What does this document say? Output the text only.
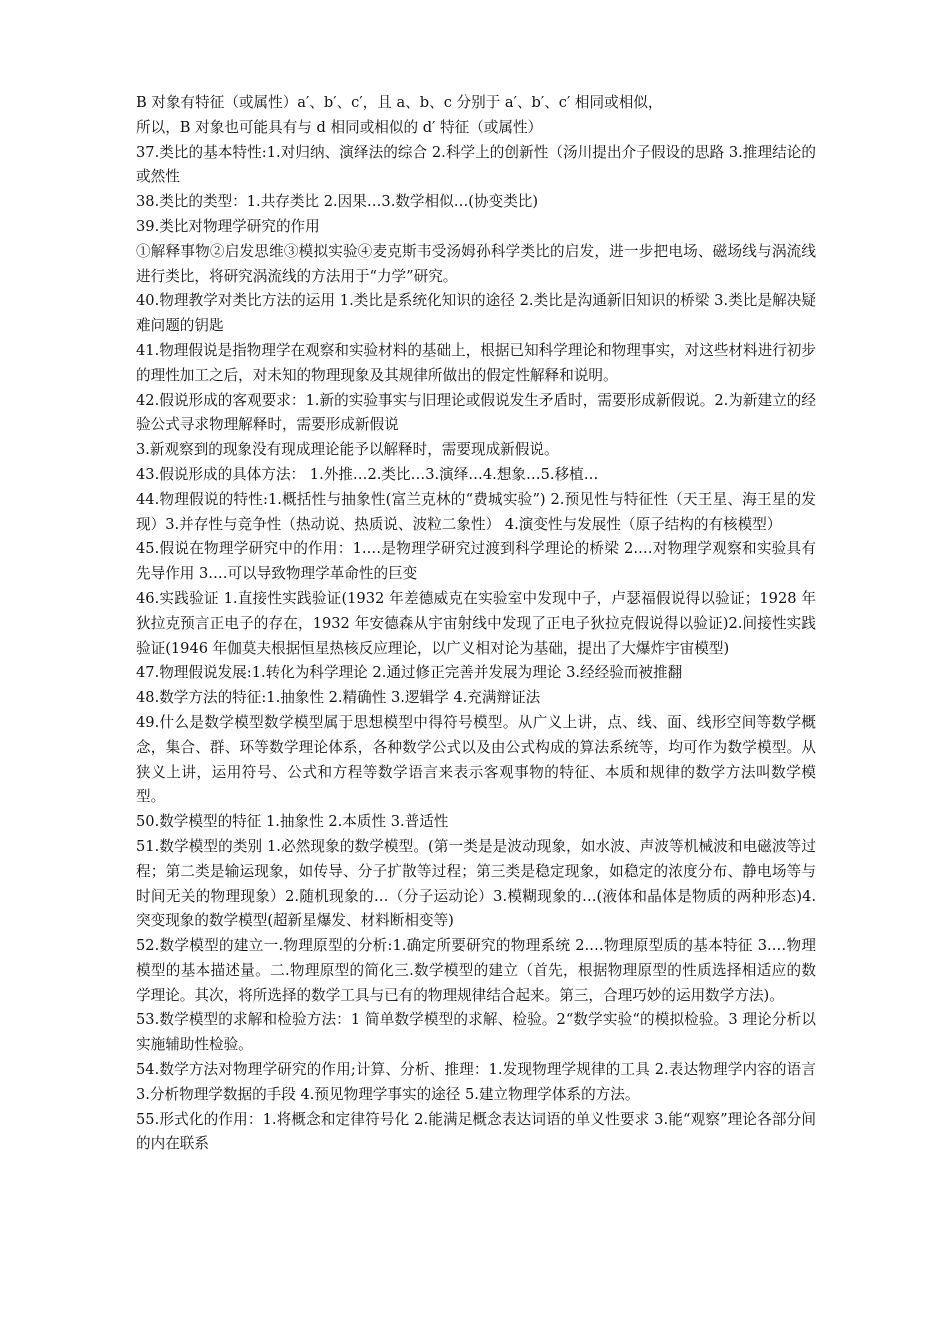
B 对象有特征（或属性）a′、b′、c′，且 a、b、c 分别于 a′、b′、c′ 相同或相似，

所以，B 对象也可能具有与 d 相同或相似的 d′ 特征（或属性）

37.类比的基本特性:1.对归纳、演绎法的综合 2.科学上的创新性（汤川提出介子假设的思路 3.推理结论的或然性

38.类比的类型：1.共存类比 2.因果…3.数学相似…(协变类比)

39.类比对物理学研究的作用

①解释事物②启发思维③模拟实验④麦克斯韦受汤姆孙科学类比的启发，进一步把电场、磁场线与涡流线进行类比，将研究涡流线的方法用于“力学”研究。

40.物理教学对类比方法的运用 1.类比是系统化知识的途径 2.类比是沟通新旧知识的桥梁 3.类比是解决疑难问题的钥匙

41.物理假说是指物理学在观察和实验材料的基础上，根据已知科学理论和物理事实，对这些材料进行初步的理性加工之后，对未知的物理现象及其规律所做出的假定性解释和说明。

42.假说形成的客观要求：1.新的实验事实与旧理论或假说发生矛盾时，需要形成新假说。2.为新建立的经验公式寻求物理解释时，需要形成新假说

3.新观察到的现象没有现成理论能予以解释时，需要现成新假说。

43.假说形成的具体方法： 1.外推…2.类比…3.演绎…4.想象…5.移植…

44.物理假说的特性:1.概括性与抽象性(富兰克林的“费城实验”) 2.预见性与特征性（天王星、海王星的发现）3.并存性与竞争性（热动说、热质说、波粒二象性） 4.演变性与发展性（原子结构的有核模型）

45.假说在物理学研究中的作用：1.…是物理学研究过渡到科学理论的桥梁 2.…对物理学观察和实验具有先导作用 3.…可以导致物理学革命性的巨变

46.实践验证 1.直接性实践验证(1932 年差德威克在实验室中发现中子，卢瑟福假说得以验证；1928 年狄拉克预言正电子的存在，1932 年安德森从宇宙射线中发现了正电子狄拉克假说得以验证)2.间接性实践验证(1946 年伽莫夫根据恒星热核反应理论，以广义相对论为基础，提出了大爆炸宇宙模型)

47.物理假说发展:1.转化为科学理论 2.通过修正完善并发展为理论 3.经经验而被推翻

48.数学方法的特征:1.抽象性 2.精确性 3.逻辑学 4.充满辩证法

49.什么是数学模型数学模型属于思想模型中得符号模型。从广义上讲，点、线、面、线形空间等数学概念，集合、群、环等数学理论体系，各种数学公式以及由公式构成的算法系统等，均可作为数学模型。从狭义上讲，运用符号、公式和方程等数学语言来表示客观事物的特征、本质和规律的数学方法叫数学模型。

50.数学模型的特征 1.抽象性 2.本质性 3.普适性

51.数学模型的类别 1.必然现象的数学模型。(第一类是是波动现象，如水波、声波等机械波和电磁波等过程；第二类是输运现象，如传导、分子扩散等过程；第三类是稳定现象，如稳定的浓度分布、静电场等与时间无关的物理现象）2.随机现象的…（分子运动论）3.模糊现象的…(液体和晶体是物质的两种形态)4.突变现象的数学模型(超新星爆发、材料断相变等)

52.数学模型的建立一.物理原型的分析:1.确定所要研究的物理系统 2.…物理原型质的基本特征 3.…物理模型的基本描述量。二.物理原型的简化三.数学模型的建立（首先，根据物理原型的性质选择相适应的数学理论。其次，将所选择的数学工具与已有的物理规律结合起来。第三，合理巧妙的运用数学方法)。

53.数学模型的求解和检验方法：1 简单数学模型的求解、检验。2“数学实验“的模拟检验。3 理论分析以实施辅助性检验。

54.数学方法对物理学研究的作用;计算、分析、推理：1.发现物理学规律的工具 2.表达物理学内容的语言 3.分析物理学数据的手段 4.预见物理学事实的途径 5.建立物理学体系的方法。

55.形式化的作用：1.将概念和定律符号化 2.能满足概念表达词语的单义性要求 3.能“观察”理论各部分间的内在联系
